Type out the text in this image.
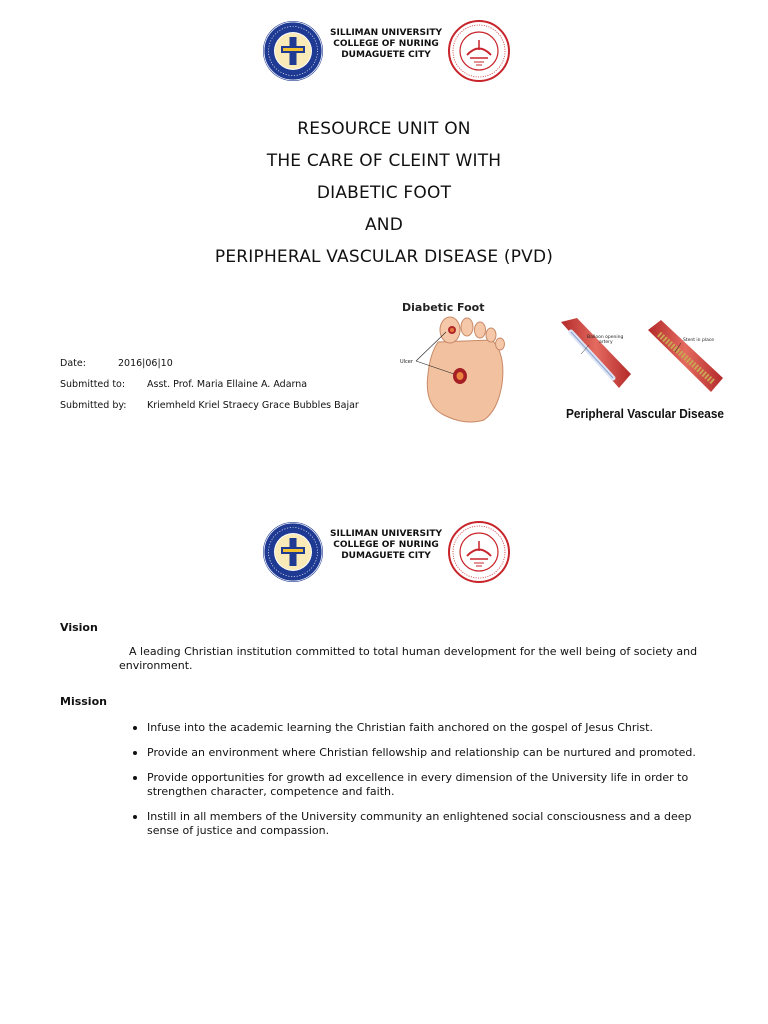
SILLIMAN UNIVERSITY
COLLEGE OF NURING
DUMAGUETE CITY
RESOURCE UNIT ON
THE CARE OF CLEINT WITH
DIABETIC FOOT
AND
PERIPHERAL VASCULAR DISEASE (PVD)
Date:	2016|06|10
Submitted to: Asst. Prof. Maria Ellaine A. Adarna
Submitted by: Kriemheld Kriel Straecy Grace Bubbles Bajar
Diabetic Foot
Ulcer
Balloon opening
artery	Stent in place
Peripheral Vascular Disease
SILLIMAN UNIVERSITY
COLLEGE OF NURING
DUMAGUETE CITY
Vision

A leading Christian institution committed to total human development for the well being of society and environment.

Mission
Infuse into the academic learning the Christian faith anchored on the gospel of Jesus Christ.
Provide an environment where Christian fellowship and relationship can be nurtured and promoted.
Provide opportunities for growth ad excellence in every dimension of the University life in order to strengthen character, competence and faith.
Instill in all members of the University community an enlightened social consciousness and a deep sense of justice and compassion.
